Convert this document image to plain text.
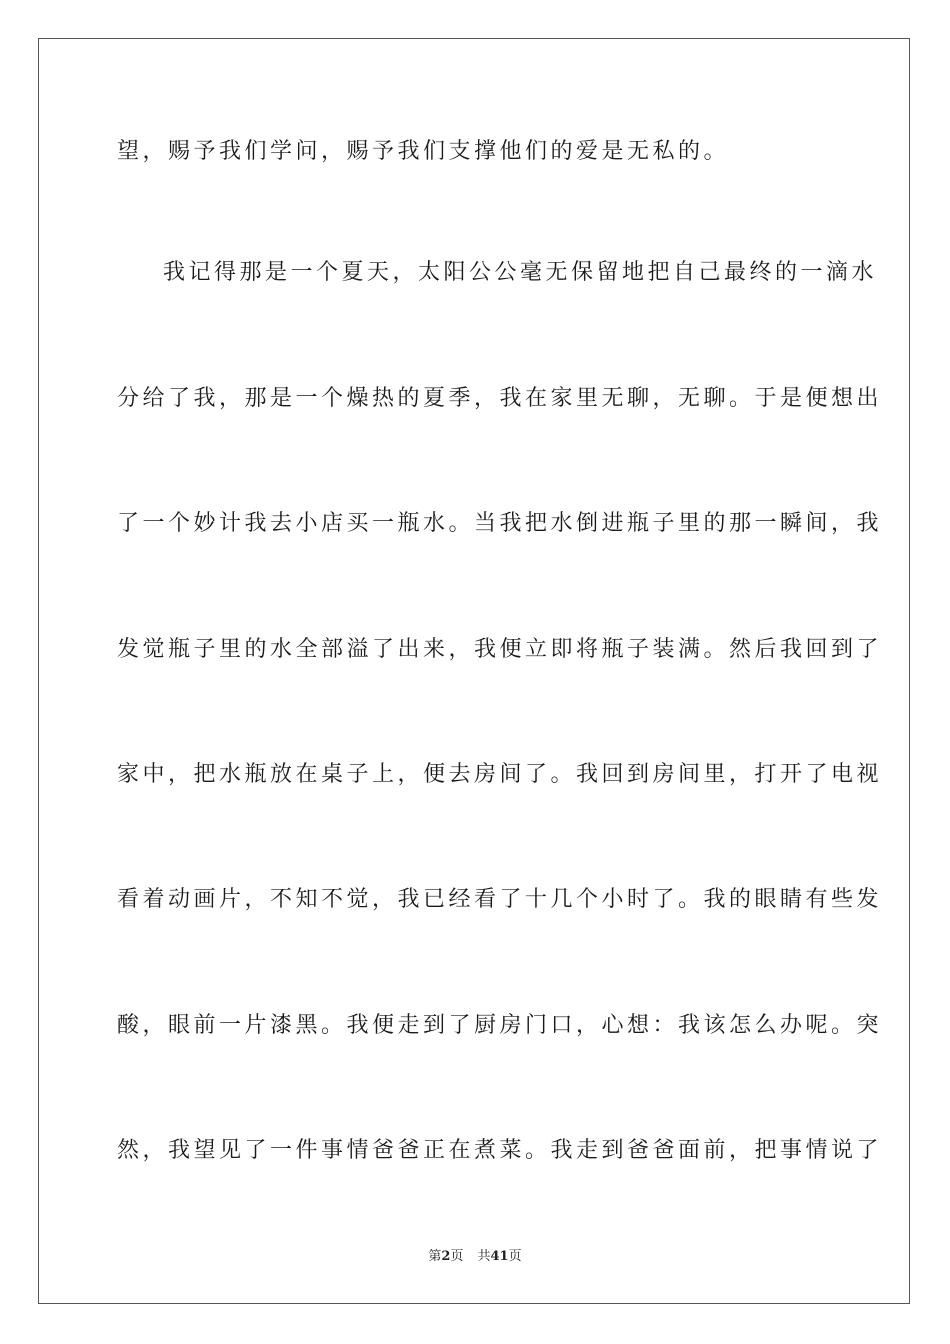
望，赐予我们学问，赐予我们支撑他们的爱是无私的。
我记得那是一个夏天，太阳公公毫无保留地把自己最终的一滴水
分给了我，那是一个燥热的夏季，我在家里无聊，无聊。于是便想出
了一个妙计我去小店买一瓶水。当我把水倒进瓶子里的那一瞬间，我
发觉瓶子里的水全部溢了出来，我便立即将瓶子装满。然后我回到了
家中，把水瓶放在桌子上，便去房间了。我回到房间里，打开了电视
看着动画片，不知不觉，我已经看了十几个小时了。我的眼睛有些发
酸，眼前一片漆黑。我便走到了厨房门口，心想：我该怎么办呢。突
然，我望见了一件事情爸爸正在煮菜。我走到爸爸面前，把事情说了
第2页 共41页
